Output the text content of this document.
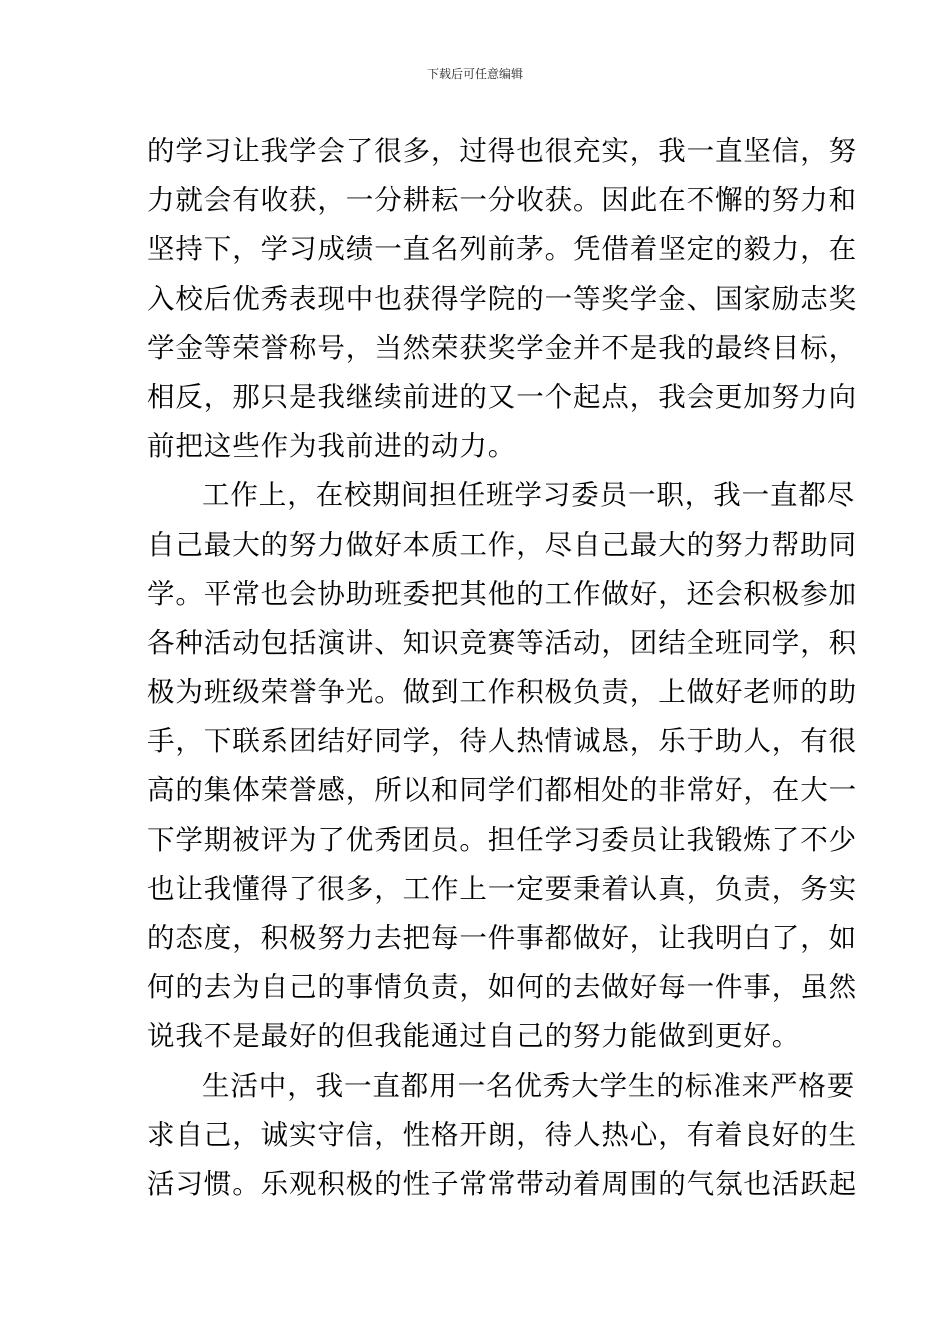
下载后可任意编辑
的学习让我学会了很多，过得也很充实，我一直坚信，努
力就会有收获，一分耕耘一分收获。因此在不懈的努力和
坚持下，学习成绩一直名列前茅。凭借着坚定的毅力，在
入校后优秀表现中也获得学院的一等奖学金、国家励志奖
学金等荣誉称号，当然荣获奖学金并不是我的最终目标，
相反，那只是我继续前进的又一个起点，我会更加努力向
前把这些作为我前进的动力。
工作上，在校期间担任班学习委员一职，我一直都尽
自己最大的努力做好本质工作，尽自己最大的努力帮助同
学。平常也会协助班委把其他的工作做好，还会积极参加
各种活动包括演讲、知识竞赛等活动，团结全班同学，积
极为班级荣誉争光。做到工作积极负责，上做好老师的助
手，下联系团结好同学，待人热情诚恳，乐于助人，有很
高的集体荣誉感，所以和同学们都相处的非常好，在大一
下学期被评为了优秀团员。担任学习委员让我锻炼了不少
也让我懂得了很多，工作上一定要秉着认真，负责，务实
的态度，积极努力去把每一件事都做好，让我明白了，如
何的去为自己的事情负责，如何的去做好每一件事，虽然
说我不是最好的但我能通过自己的努力能做到更好。
生活中，我一直都用一名优秀大学生的标准来严格要
求自己，诚实守信，性格开朗，待人热心，有着良好的生
活习惯。乐观积极的性子常常带动着周围的气氛也活跃起
